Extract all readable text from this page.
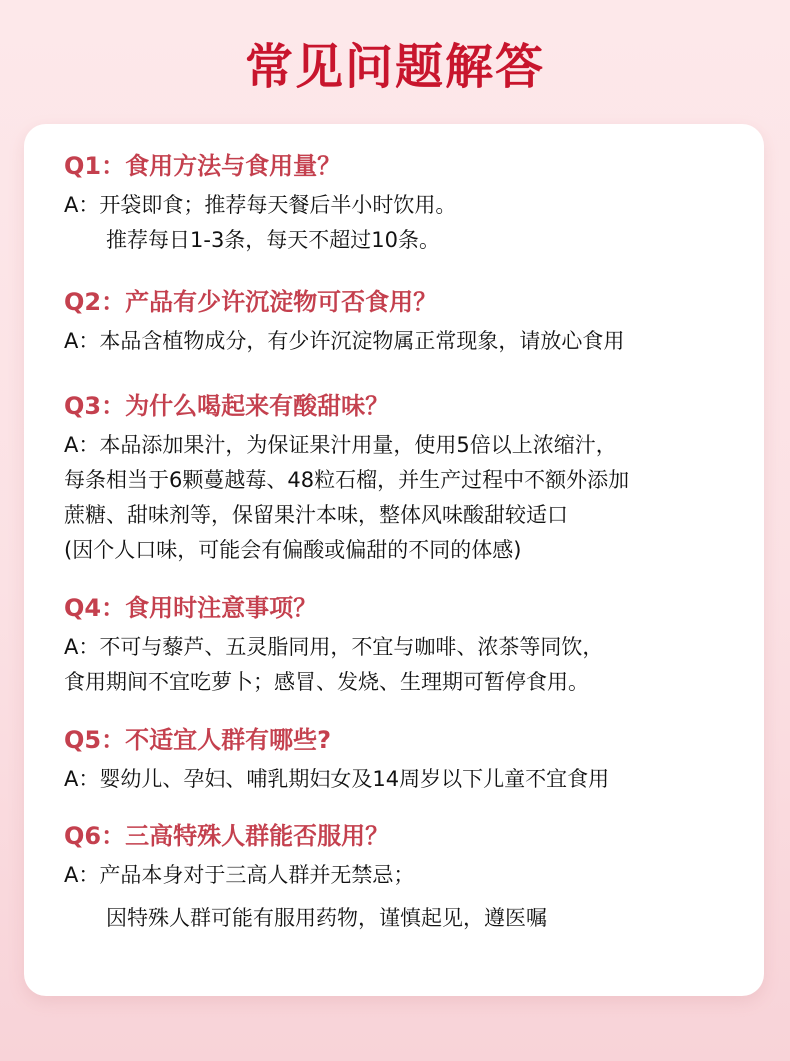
常见问题解答

Q1：食用方法与食用量？

A：开袋即食；推荐每天餐后半小时饮用。
推荐每日1-3条，每天不超过10条。

Q2：产品有少许沉淀物可否食用？

A：本品含植物成分，有少许沉淀物属正常现象，请放心食用

Q3：为什么喝起来有酸甜味？

A：本品添加果汁，为保证果汁用量，使用5倍以上浓缩汁，
每条相当于6颗蔓越莓、48粒石榴，并生产过程中不额外添加
蔗糖、甜味剂等，保留果汁本味，整体风味酸甜较适口
(因个人口味，可能会有偏酸或偏甜的不同的体感)

Q4：食用时注意事项？

A：不可与藜芦、五灵脂同用，不宜与咖啡、浓茶等同饮，
食用期间不宜吃萝卜；感冒、发烧、生理期可暂停食用。

Q5：不适宜人群有哪些?

A：婴幼儿、孕妇、哺乳期妇女及14周岁以下儿童不宜食用

Q6：三高特殊人群能否服用？

A：产品本身对于三高人群并无禁忌；
因特殊人群可能有服用药物，谨慎起见，遵医嘱
